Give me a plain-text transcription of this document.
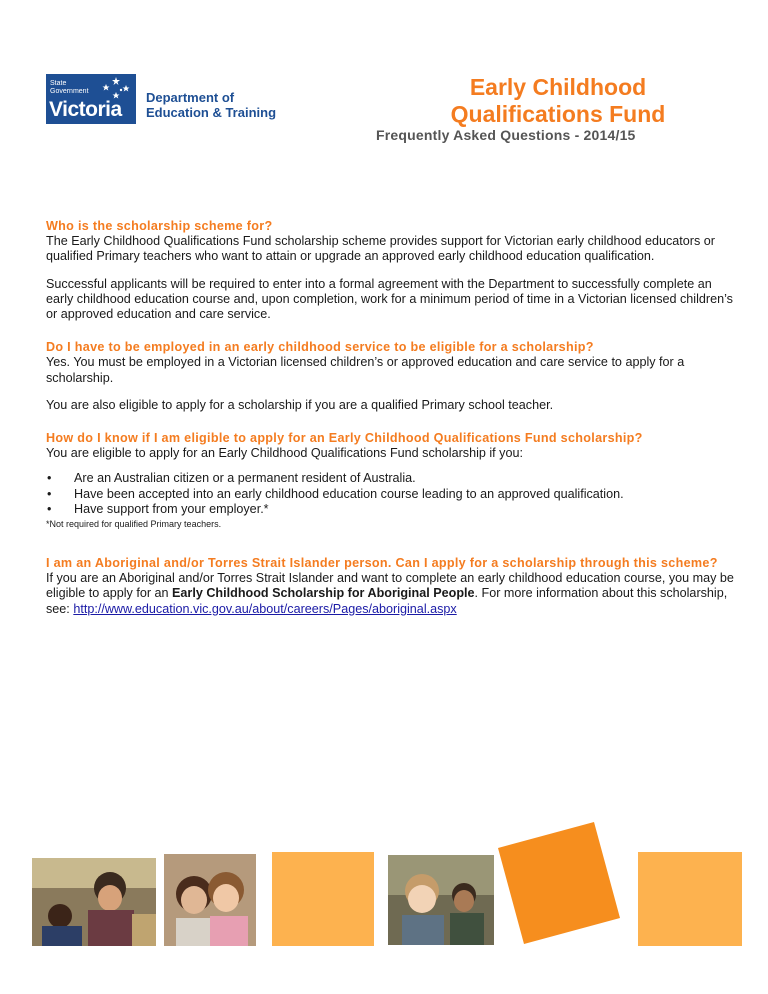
State
Government
Victoria
Department of
Education & Training
Early Childhood
Qualifications Fund
Frequently Asked Questions - 2014/15

Who is the scholarship scheme for?

The Early Childhood Qualifications Fund scholarship scheme provides support for Victorian early childhood educators or qualified Primary teachers who want to attain or upgrade an approved early childhood education qualification.

Successful applicants will be required to enter into a formal agreement with the Department to successfully complete an early childhood education course and, upon completion, work for a minimum period of time in a Victorian licensed children’s or approved education and care service.

Do I have to be employed in an early childhood service to be eligible for a scholarship?

Yes. You must be employed in a Victorian licensed children’s or approved education and care service to apply for a scholarship.

You are also eligible to apply for a scholarship if you are a qualified Primary school teacher.

How do I know if I am eligible to apply for an Early Childhood Qualifications Fund scholarship?

You are eligible to apply for an Early Childhood Qualifications Fund scholarship if you:

• Are an Australian citizen or a permanent resident of Australia.
• Have been accepted into an early childhood education course leading to an approved qualification.
• Have support from your employer.*

*Not required for qualified Primary teachers.

I am an Aboriginal and/or Torres Strait Islander person. Can I apply for a scholarship through this scheme?

If you are an Aboriginal and/or Torres Strait Islander and want to complete an early childhood education course, you may be eligible to apply for an Early Childhood Scholarship for Aboriginal People. For more information about this scholarship, see: http://www.education.vic.gov.au/about/careers/Pages/aboriginal.aspx
